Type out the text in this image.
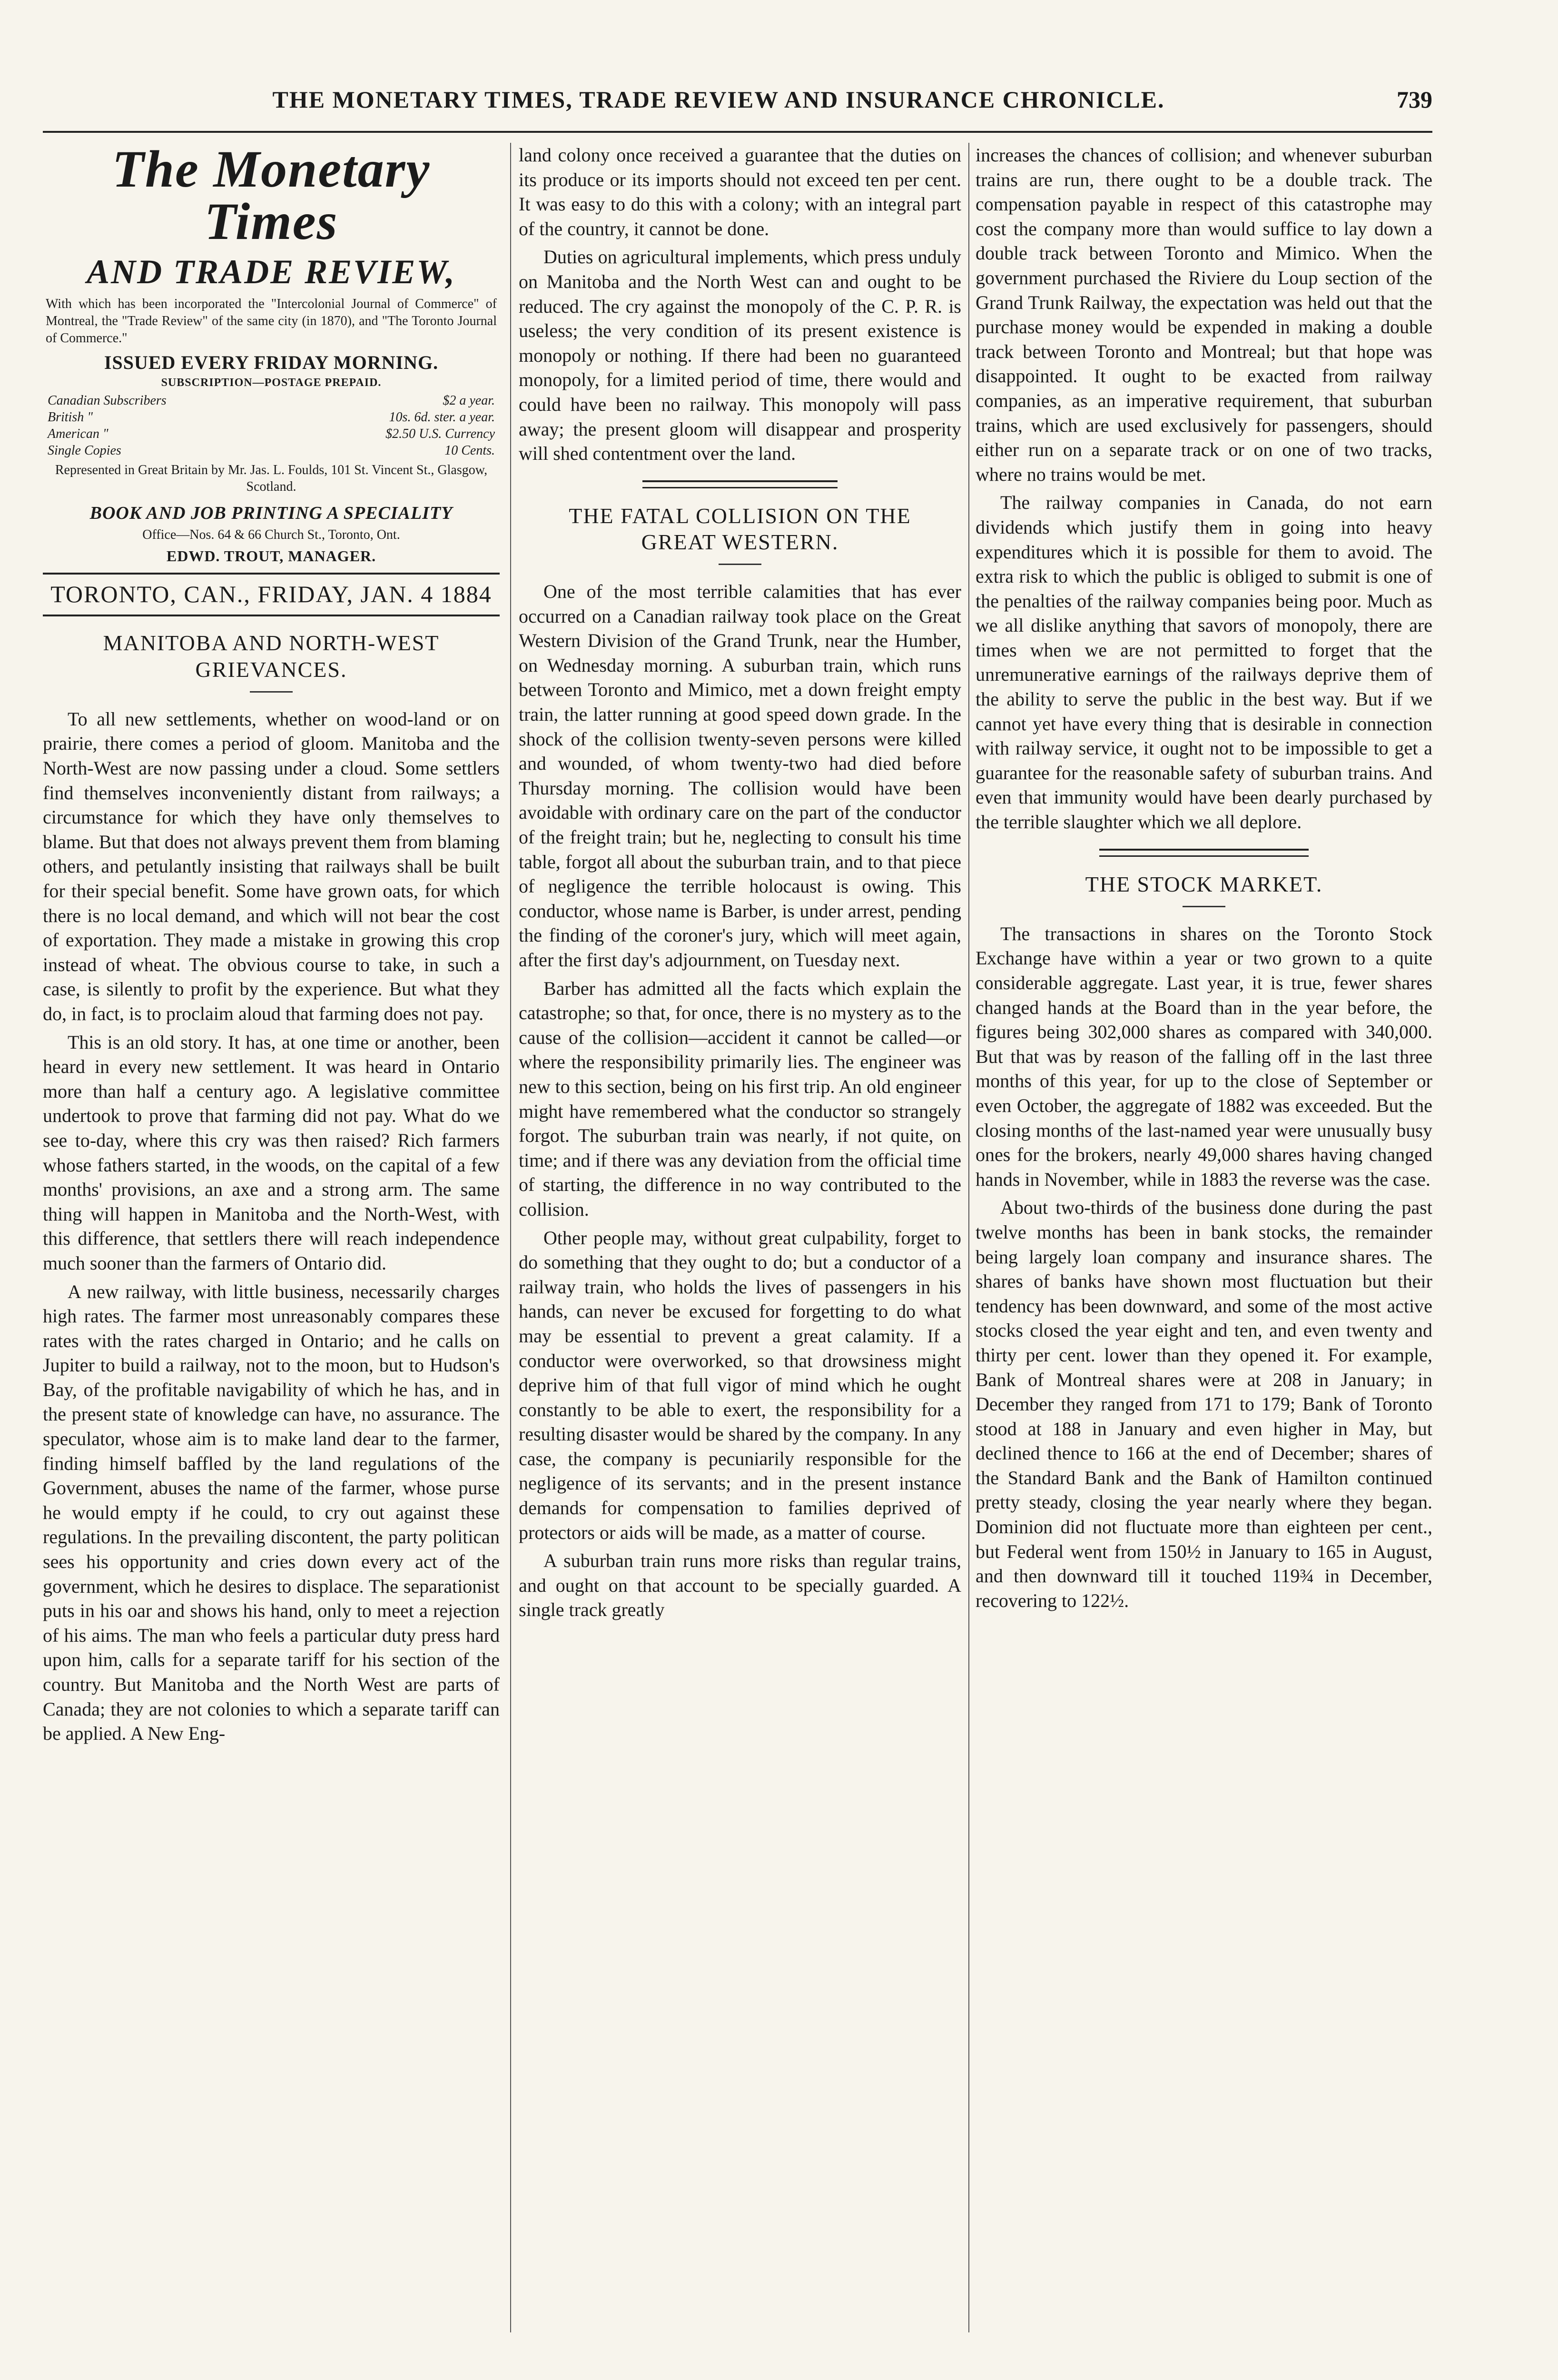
THE MONETARY TIMES, TRADE REVIEW AND INSURANCE CHRONICLE.	739
The Monetary Times
AND TRADE REVIEW,

With which has been incorporated the "Intercolonial Journal of Commerce" of Montreal, the "Trade Review" of the same city (in 1870), and "The Toronto Journal of Commerce."

ISSUED EVERY FRIDAY MORNING.
SUBSCRIPTION—POSTAGE PREPAID.
Canadian Subscribers	$2 a year.
British "	10s. 6d. ster. a year.
American "	$2.50 U.S. Currency
Single Copies	10 Cents.

Represented in Great Britain by Mr. Jas. L. Foulds, 101 St. Vincent St., Glasgow, Scotland.

BOOK AND JOB PRINTING A SPECIALITY

Office—Nos. 64 & 66 Church St., Toronto, Ont.

EDWD. TROUT, MANAGER.
TORONTO, CAN., FRIDAY, JAN. 4 1884
MANITOBA AND NORTH-WEST GRIEVANCES.

To all new settlements, whether on wood-land or on prairie, there comes a period of gloom. Manitoba and the North-West are now passing under a cloud. Some settlers find themselves inconveniently distant from railways; a circumstance for which they have only themselves to blame. But that does not always prevent them from blaming others, and petulantly insisting that railways shall be built for their special benefit. Some have grown oats, for which there is no local demand, and which will not bear the cost of exportation. They made a mistake in growing this crop instead of wheat. The obvious course to take, in such a case, is silently to profit by the experience. But what they do, in fact, is to proclaim aloud that farming does not pay.

This is an old story. It has, at one time or another, been heard in every new settlement. It was heard in Ontario more than half a century ago. A legislative committee undertook to prove that farming did not pay. What do we see to-day, where this cry was then raised? Rich farmers whose fathers started, in the woods, on the capital of a few months' provisions, an axe and a strong arm. The same thing will happen in Manitoba and the North-West, with this difference, that settlers there will reach independence much sooner than the farmers of Ontario did.

A new railway, with little business, necessarily charges high rates. The farmer most unreasonably compares these rates with the rates charged in Ontario; and he calls on Jupiter to build a railway, not to the moon, but to Hudson's Bay, of the profitable navigability of which he has, and in the present state of knowledge can have, no assurance. The speculator, whose aim is to make land dear to the farmer, finding himself baffled by the land regulations of the Government, abuses the name of the farmer, whose purse he would empty if he could, to cry out against these regulations. In the prevailing discontent, the party politican sees his opportunity and cries down every act of the government, which he desires to displace. The separationist puts in his oar and shows his hand, only to meet a rejection of his aims. The man who feels a particular duty press hard upon him, calls for a separate tariff for his section of the country. But Manitoba and the North West are parts of Canada; they are not colonies to which a separate tariff can be applied. A New Eng-

land colony once received a guarantee that the duties on its produce or its imports should not exceed ten per cent. It was easy to do this with a colony; with an integral part of the country, it cannot be done.

Duties on agricultural implements, which press unduly on Manitoba and the North West can and ought to be reduced. The cry against the monopoly of the C. P. R. is useless; the very condition of its present existence is monopoly or nothing. If there had been no guaranteed monopoly, for a limited period of time, there would and could have been no railway. This monopoly will pass away; the present gloom will disappear and prosperity will shed contentment over the land.

THE FATAL COLLISION ON THE GREAT WESTERN.

One of the most terrible calamities that has ever occurred on a Canadian railway took place on the Great Western Division of the Grand Trunk, near the Humber, on Wednesday morning. A suburban train, which runs between Toronto and Mimico, met a down freight empty train, the latter running at good speed down grade. In the shock of the collision twenty-seven persons were killed and wounded, of whom twenty-two had died before Thursday morning. The collision would have been avoidable with ordinary care on the part of the conductor of the freight train; but he, neglecting to consult his time table, forgot all about the suburban train, and to that piece of negligence the terrible holocaust is owing. This conductor, whose name is Barber, is under arrest, pending the finding of the coroner's jury, which will meet again, after the first day's adjournment, on Tuesday next.

Barber has admitted all the facts which explain the catastrophe; so that, for once, there is no mystery as to the cause of the collision—accident it cannot be called—or where the responsibility primarily lies. The engineer was new to this section, being on his first trip. An old engineer might have remembered what the conductor so strangely forgot. The suburban train was nearly, if not quite, on time; and if there was any deviation from the official time of starting, the difference in no way contributed to the collision.

Other people may, without great culpability, forget to do something that they ought to do; but a conductor of a railway train, who holds the lives of passengers in his hands, can never be excused for forgetting to do what may be essential to prevent a great calamity. If a conductor were overworked, so that drowsiness might deprive him of that full vigor of mind which he ought constantly to be able to exert, the responsibility for a resulting disaster would be shared by the company. In any case, the company is pecuniarily responsible for the negligence of its servants; and in the present instance demands for compensation to families deprived of protectors or aids will be made, as a matter of course.

A suburban train runs more risks than regular trains, and ought on that account to be specially guarded. A single track greatly

increases the chances of collision; and whenever suburban trains are run, there ought to be a double track. The compensation payable in respect of this catastrophe may cost the company more than would suffice to lay down a double track between Toronto and Mimico. When the government purchased the Riviere du Loup section of the Grand Trunk Railway, the expectation was held out that the purchase money would be expended in making a double track between Toronto and Montreal; but that hope was disappointed. It ought to be exacted from railway companies, as an imperative requirement, that suburban trains, which are used exclusively for passengers, should either run on a separate track or on one of two tracks, where no trains would be met.

The railway companies in Canada, do not earn dividends which justify them in going into heavy expenditures which it is possible for them to avoid. The extra risk to which the public is obliged to submit is one of the penalties of the railway companies being poor. Much as we all dislike anything that savors of monopoly, there are times when we are not permitted to forget that the unremunerative earnings of the railways deprive them of the ability to serve the public in the best way. But if we cannot yet have every thing that is desirable in connection with railway service, it ought not to be impossible to get a guarantee for the reasonable safety of suburban trains. And even that immunity would have been dearly purchased by the terrible slaughter which we all deplore.

THE STOCK MARKET.

The transactions in shares on the Toronto Stock Exchange have within a year or two grown to a quite considerable aggregate. Last year, it is true, fewer shares changed hands at the Board than in the year before, the figures being 302,000 shares as compared with 340,000. But that was by reason of the falling off in the last three months of this year, for up to the close of September or even October, the aggregate of 1882 was exceeded. But the closing months of the last-named year were unusually busy ones for the brokers, nearly 49,000 shares having changed hands in November, while in 1883 the reverse was the case.

About two-thirds of the business done during the past twelve months has been in bank stocks, the remainder being largely loan company and insurance shares. The shares of banks have shown most fluctuation but their tendency has been downward, and some of the most active stocks closed the year eight and ten, and even twenty and thirty per cent. lower than they opened it. For example, Bank of Montreal shares were at 208 in January; in December they ranged from 171 to 179; Bank of Toronto stood at 188 in January and even higher in May, but declined thence to 166 at the end of December; shares of the Standard Bank and the Bank of Hamilton continued pretty steady, closing the year nearly where they began. Dominion did not fluctuate more than eighteen per cent., but Federal went from 150½ in January to 165 in August, and then downward till it touched 119¾ in December, recovering to 122½.
